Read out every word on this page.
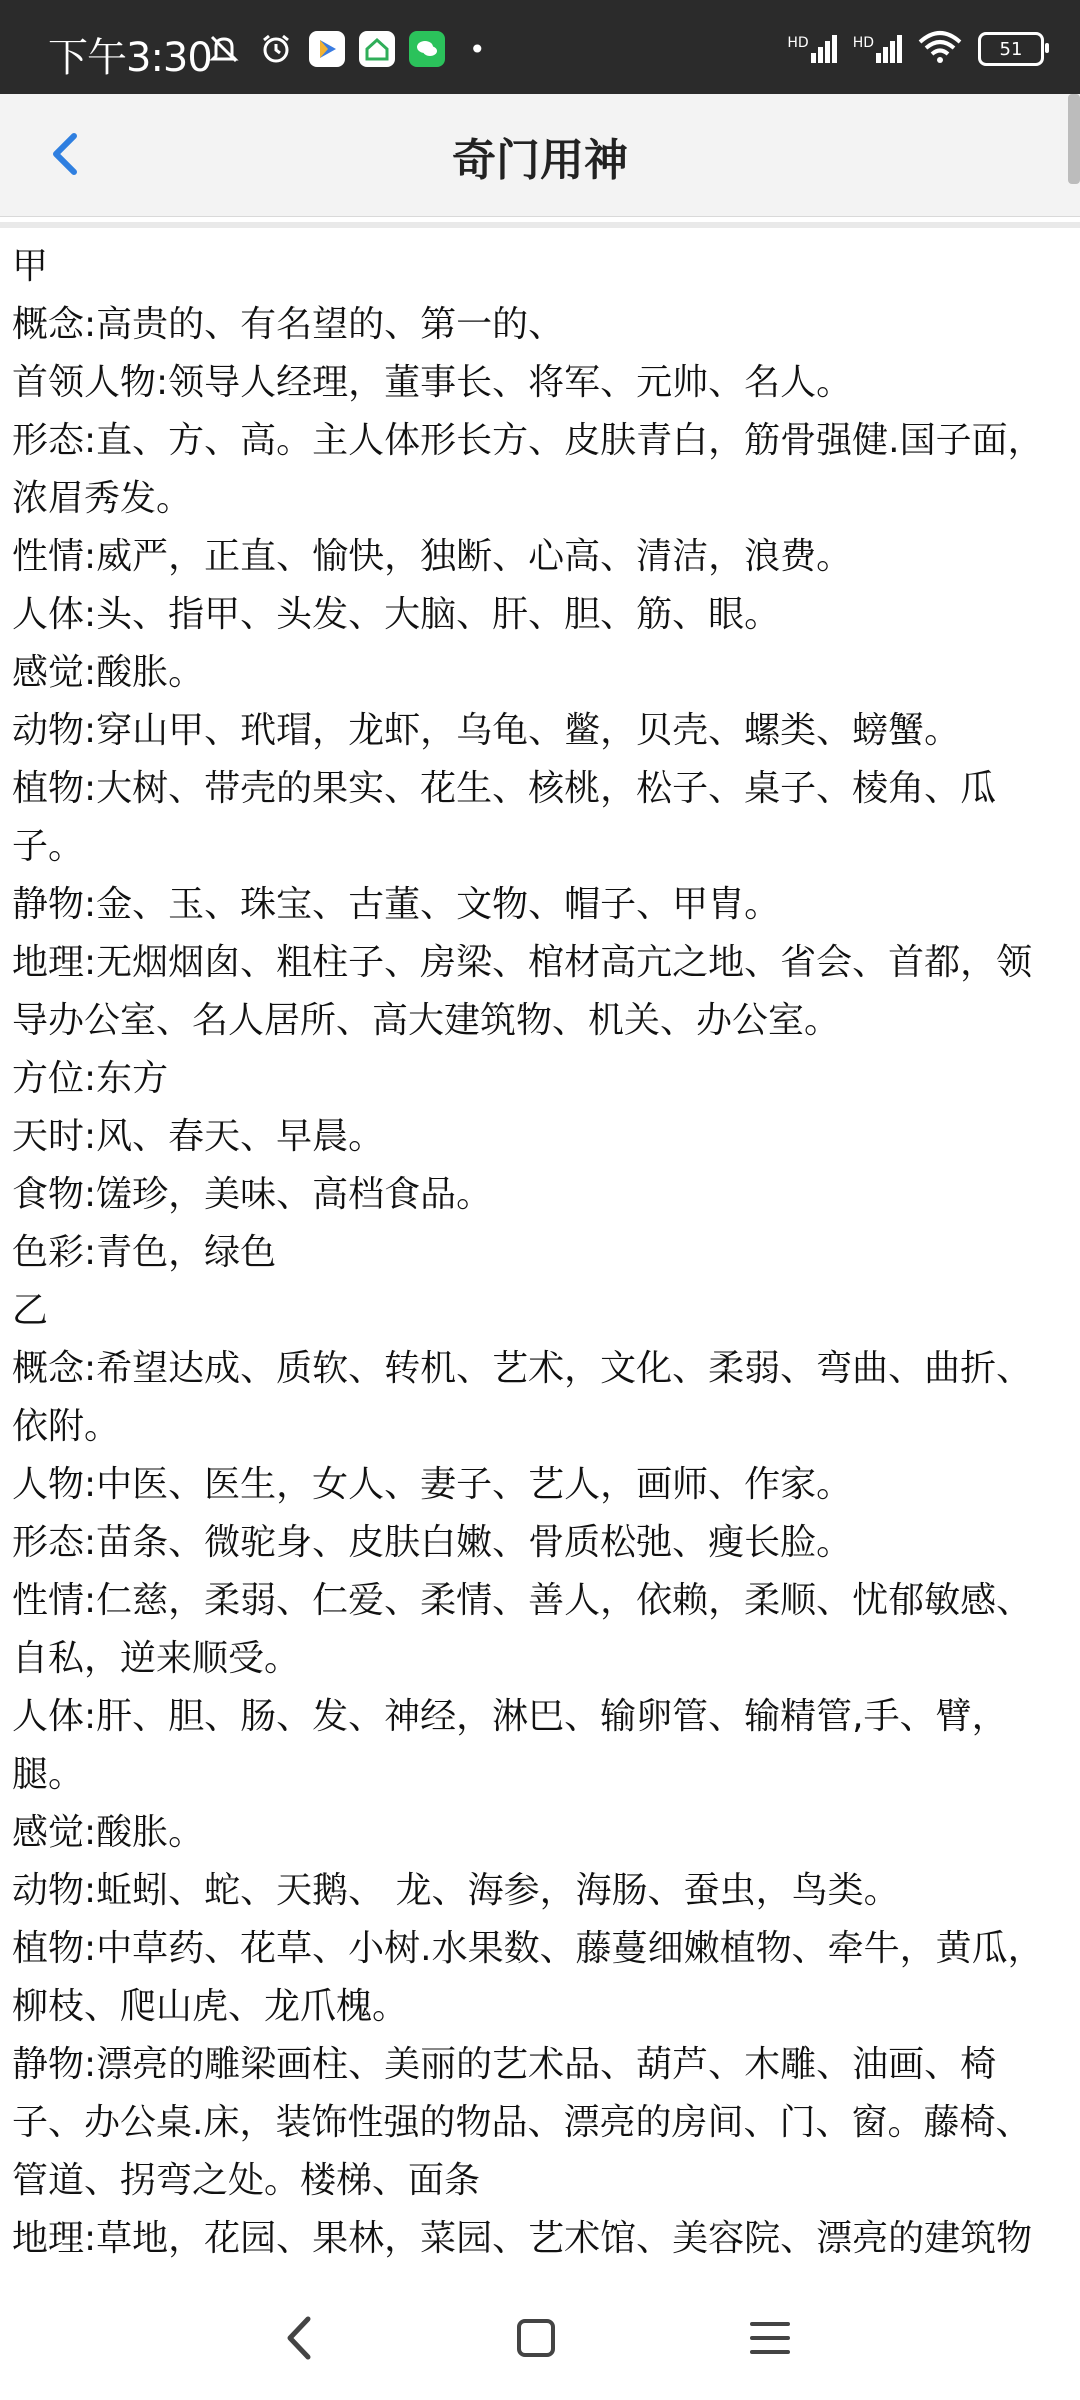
下午3:30	•	HD	HD	51
奇门用神
甲
概念:高贵的、有名望的、第一的、
首领人物:领导人经理，董事长、将军、元帅、名人。
形态:直、方、高。主人体形长方、皮肤青白，筋骨强健.国子面，浓眉秀发。
性情:威严，正直、愉快，独断、心高、清洁，浪费。
人体:头、指甲、头发、大脑、肝、胆、筋、眼。
感觉:酸胀。
动物:穿山甲、玳瑁，龙虾，乌龟、鳖，贝壳、螺类、螃蟹。
植物:大树、带壳的果实、花生、核桃，松子、桌子、棱角、瓜子。
静物:金、玉、珠宝、古董、文物、帽子、甲胄。
地理:无烟烟囱、粗柱子、房梁、棺材高亢之地、省会、首都，领导办公室、名人居所、高大建筑物、机关、办公室。
方位:东方
天时:风、春天、早晨。
食物:馐珍，美味、高档食品。
色彩:青色，绿色
乙
概念:希望达成、质软、转机、艺术，文化、柔弱、弯曲、曲折、依附。
人物:中医、医生，女人、妻子、艺人，画师、作家。
形态:苗条、微驼身、皮肤白嫩、骨质松弛、瘦长脸。
性情:仁慈，柔弱、仁爱、柔情、善人，依赖，柔顺、忧郁敏感、自私，逆来顺受。
人体:肝、胆、肠、发、神经，淋巴、输卵管、输精管,手、臂，腿。
感觉:酸胀。
动物:蚯蚓、蛇、天鹅、 龙、海参，海肠、蚕虫，鸟类。
植物:中草药、花草、小树.水果数、藤蔓细嫩植物、牵牛，黄瓜，柳枝、爬山虎、龙爪槐。
静物:漂亮的雕梁画柱、美丽的艺术品、葫芦、木雕、油画、椅子、办公桌.床，装饰性强的物品、漂亮的房间、门、窗。藤椅、管道、拐弯之处。楼梯、面条
地理:草地，花园、果林，菜园、艺术馆、美容院、漂亮的建筑物
